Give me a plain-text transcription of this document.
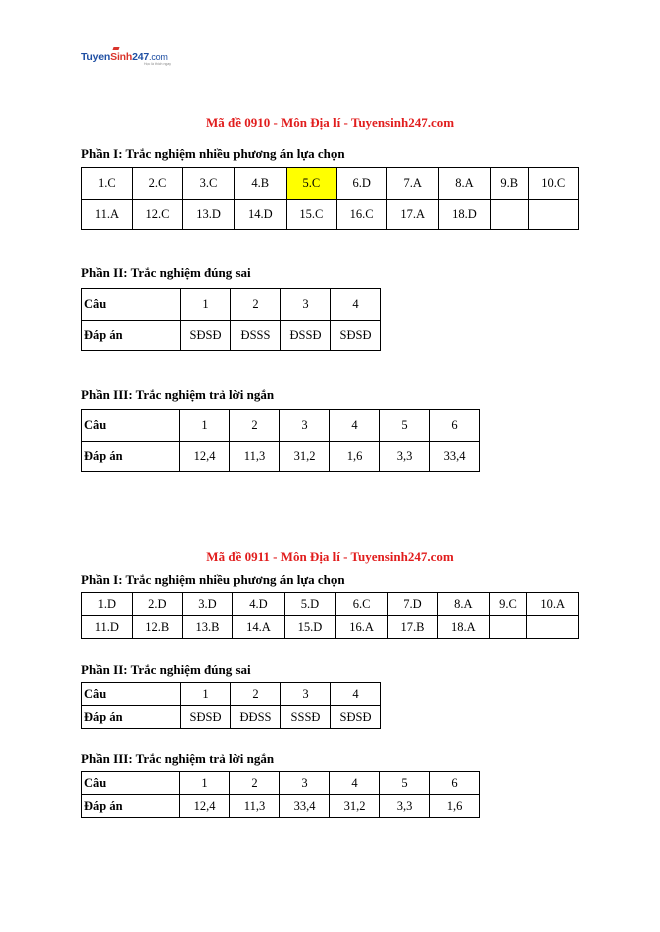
TuyenSinh247.com
Học là thích ngay
Mã đề 0910 - Môn Địa lí - Tuyensinh247.com
Phần I: Trắc nghiệm nhiều phương án lựa chọn
1.C	2.C	3.C	4.B	5.C	6.D	7.A	8.A	9.B	10.C
11.A	12.C	13.D	14.D	15.C	16.C	17.A	18.D		
Phần II: Trắc nghiệm đúng sai
Câu	1	2	3	4
Đáp án	SĐSĐ	ĐSSS	ĐSSĐ	SĐSĐ
Phần III: Trắc nghiệm trả lời ngắn
Câu	1	2	3	4	5	6
Đáp án	12,4	11,3	31,2	1,6	3,3	33,4
Mã đề 0911 - Môn Địa lí - Tuyensinh247.com
Phần I: Trắc nghiệm nhiều phương án lựa chọn
1.D	2.D	3.D	4.D	5.D	6.C	7.D	8.A	9.C	10.A
11.D	12.B	13.B	14.A	15.D	16.A	17.B	18.A		
Phần II: Trắc nghiệm đúng sai
Câu	1	2	3	4
Đáp án	SĐSĐ	ĐĐSS	SSSĐ	SĐSĐ
Phần III: Trắc nghiệm trả lời ngắn
Câu	1	2	3	4	5	6
Đáp án	12,4	11,3	33,4	31,2	3,3	1,6
